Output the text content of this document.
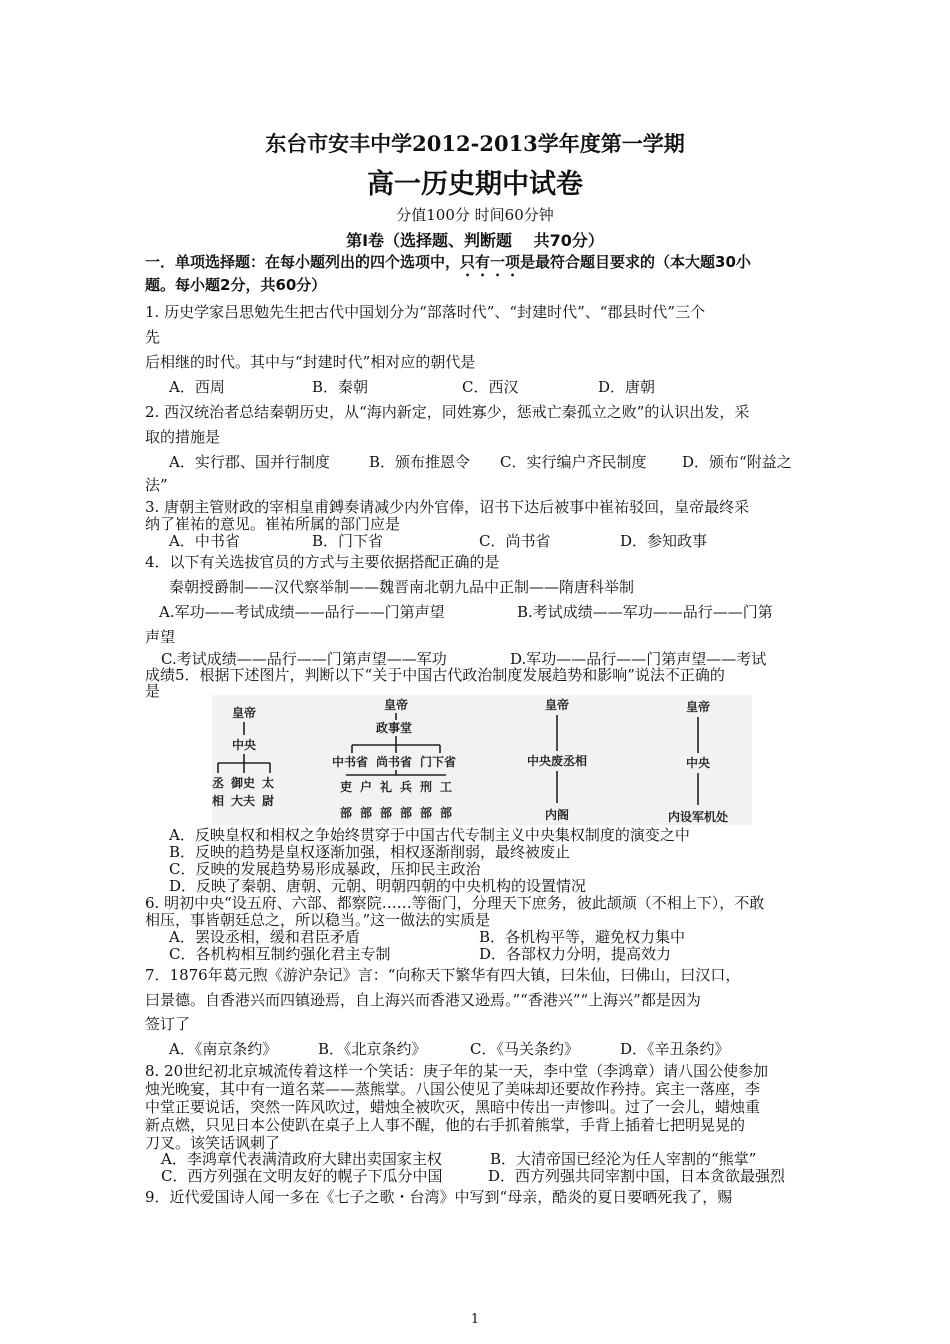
东台市安丰中学2012-2013学年度第一学期
高一历史期中试卷
分值100分 时间60分钟
第Ⅰ卷（选择题、判断题　 共70分）
一．单项选择题：在每小题列出的四个选项中，只有一项是最符合题目要求的（本大题30小
题。每小题2分，共60分）
1. 历史学家吕思勉先生把古代中国划分为“部落时代”、“封建时代”、“郡县时代”三个
先
后相继的时代。其中与“封建时代”相对应的朝代是
A．西周	B．秦朝	C．西汉	D．唐朝
2. 西汉统治者总结秦朝历史，从“海内新定，同姓寡少，惩戒亡秦孤立之败”的认识出发，采
取的措施是
A．实行郡、国并行制度	B．颁布推恩令 C．实行编户齐民制度 D．颁布“附益之
法”
3. 唐朝主管财政的宰相皇甫鎛奏请减少内外官俸，诏书下达后被事中崔祐驳回，皇帝最终采
纳了崔祐的意见。崔祐所属的部门应是
A．中书省	B．门下省	C．尚书省	D．参知政事
4．以下有关选拔官员的方式与主要依据搭配正确的是
秦朝授爵制——汉代察举制——魏晋南北朝九品中正制——隋唐科举制
A.军功——考试成绩——品行——门第声望	B.考试成绩——军功——品行——门第
声望
C.考试成绩——品行——门第声望——军功	D.军功——品行——门第声望——考试
成绩5．根据下述图片，判断以下“关于中国古代政治制度发展趋势和影响”说法不正确的
是
皇帝
中央
丞
相
御史
大夫
太
尉
皇帝
政事堂
中书省 尚书省 门下省
吏 户 礼 兵 刑 工
部 部 部 部 部 部
皇帝
中央废丞相
内阁
皇帝
中央
内设军机处
A．反映皇权和相权之争始终贯穿于中国古代专制主义中央集权制度的演变之中
B．反映的趋势是皇权逐渐加强，相权逐渐削弱，最终被废止
C．反映的发展趋势易形成暴政，压抑民主政治
D．反映了秦朝、唐朝、元朝、明朝四朝的中央机构的设置情况
6. 明初中央“设五府、六部、都察院……等衙门，分理天下庶务，彼此颉颃（不相上下），不敢
相压，事皆朝廷总之，所以稳当。”这一做法的实质是
A．罢设丞相，缓和君臣矛盾	B．各机构平等，避免权力集中
C．各机构相互制约强化君主专制	D．各部权力分明，提高效力
7．1876年葛元煦《游沪杂记》言：“向称天下繁华有四大镇，曰朱仙，曰佛山，曰汉口，
曰景德。自香港兴而四镇逊焉，自上海兴而香港又逊焉。”“香港兴”“上海兴”都是因为
签订了
A．《南京条约》	B．《北京条约》	C．《马关条约》	D．《辛丑条约》
8. 20世纪初北京城流传着这样一个笑话：庚子年的某一天，李中堂（李鸿章）请八国公使参加
烛光晚宴，其中有一道名菜——蒸熊掌。八国公使见了美味却还要故作矜持。宾主一落座，李
中堂正要说话，突然一阵风吹过，蜡烛全被吹灭，黑暗中传出一声惨叫。过了一会儿，蜡烛重
新点燃，只见日本公使趴在桌子上人事不醒，他的右手抓着熊掌，手背上插着七把明晃晃的
刀叉。该笑话讽刺了
A．李鸿章代表满清政府大肆出卖国家主权	B．大清帝国已经沦为任人宰割的“熊掌”
C．西方列强在文明友好的幌子下瓜分中国	D．西方列强共同宰割中国，日本贪欲最强烈
9．近代爱国诗人闻一多在《七子之歌・台湾》中写到“母亲，酷炎的夏日要晒死我了，赐
1
